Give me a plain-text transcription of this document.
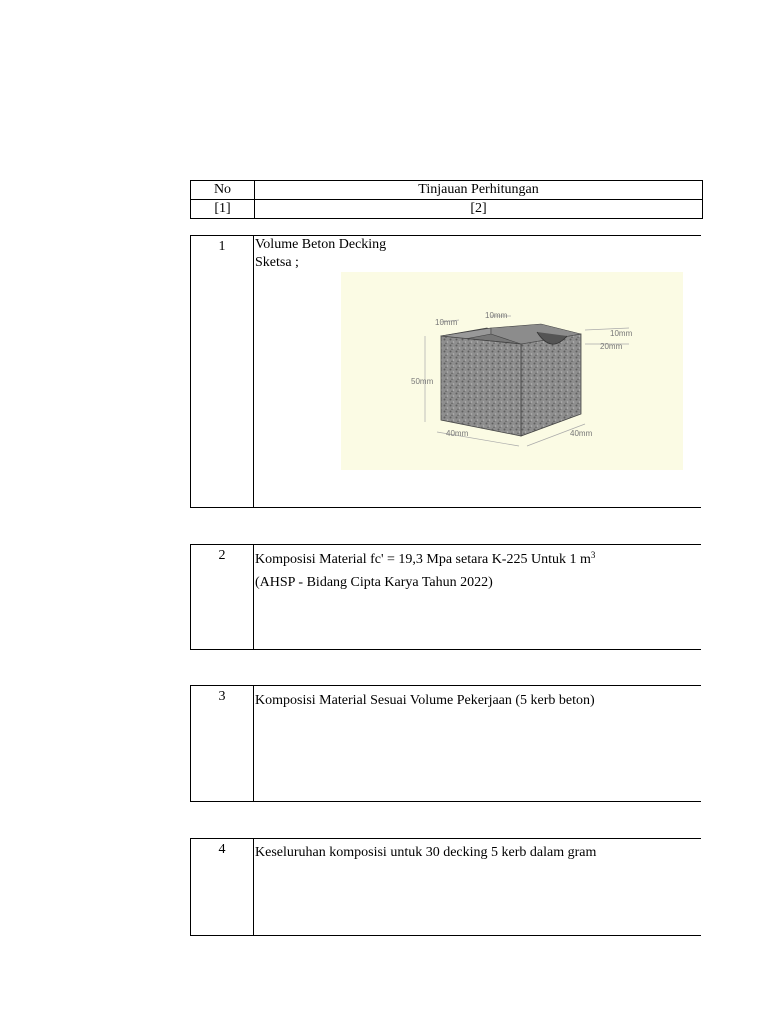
No	Tinjauan Perhitungan
[1]	[2]
1	Volume Beton Decking
Sketsa ;
10mm
10mm
10mm
20mm
50mm
40mm	40mm
2	Komposisi Material fc' = 19,3 Mpa setara K-225 Untuk 1 $m^3$
(AHSP - Bidang Cipta Karya Tahun 2022)
3	Komposisi Material Sesuai Volume Pekerjaan (5 kerb beton)
4	Keseluruhan komposisi untuk 30 decking 5 kerb dalam gram
